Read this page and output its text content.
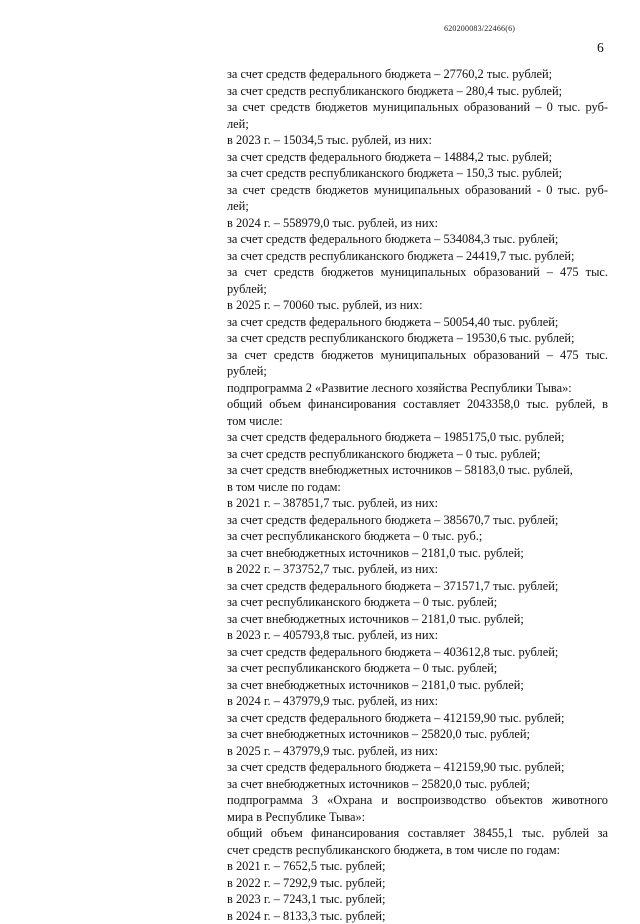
620200083/22466(6)
6
за счет средств федерального бюджета – 27760,2 тыс. рублей;
за счет средств республиканского бюджета – 280,4 тыс. рублей;
за счет средств бюджетов муниципальных образований – 0 тыс. руб-
лей;
в 2023 г. – 15034,5 тыс. рублей, из них:
за счет средств федерального бюджета – 14884,2 тыс. рублей;
за счет средств республиканского бюджета – 150,3 тыс. рублей;
за счет средств бюджетов муниципальных образований - 0 тыс. руб-
лей;
в 2024 г. – 558979,0 тыс. рублей, из них:
за счет средств федерального бюджета – 534084,3 тыс. рублей;
за счет средств республиканского бюджета – 24419,7 тыс. рублей;
за счет средств бюджетов муниципальных образований – 475 тыс.
рублей;
в 2025 г. – 70060 тыс. рублей, из них:
за счет средств федерального бюджета – 50054,40 тыс. рублей;
за счет средств республиканского бюджета – 19530,6 тыс. рублей;
за счет средств бюджетов муниципальных образований – 475 тыс.
рублей;
подпрограмма 2 «Развитие лесного хозяйства Республики Тыва»:
общий объем финансирования составляет 2043358,0 тыс. рублей, в
том числе:
за счет средств федерального бюджета – 1985175,0 тыс. рублей;
за счет средств республиканского бюджета – 0 тыс. рублей;
за счет средств внебюджетных источников – 58183,0 тыс. рублей,
в том числе по годам:
в 2021 г. – 387851,7 тыс. рублей, из них:
за счет средств федерального бюджета – 385670,7 тыс. рублей;
за счет республиканского бюджета – 0 тыс. руб.;
за счет внебюджетных источников – 2181,0 тыс. рублей;
в 2022 г. – 373752,7 тыс. рублей, из них:
за счет средств федерального бюджета – 371571,7 тыс. рублей;
за счет республиканского бюджета – 0 тыс. рублей;
за счет внебюджетных источников – 2181,0 тыс. рублей;
в 2023 г. – 405793,8 тыс. рублей, из них:
за счет средств федерального бюджета – 403612,8 тыс. рублей;
за счет республиканского бюджета – 0 тыс. рублей;
за счет внебюджетных источников – 2181,0 тыс. рублей;
в 2024 г. – 437979,9 тыс. рублей, из них:
за счет средств федерального бюджета – 412159,90 тыс. рублей;
за счет внебюджетных источников – 25820,0 тыс. рублей;
в 2025 г. – 437979,9 тыс. рублей, из них:
за счет средств федерального бюджета – 412159,90 тыс. рублей;
за счет внебюджетных источников – 25820,0 тыс. рублей;
подпрограмма 3 «Охрана и воспроизводство объектов животного
мира в Республике Тыва»:
общий объем финансирования составляет 38455,1 тыс. рублей за
счет средств республиканского бюджета, в том числе по годам:
в 2021 г. – 7652,5 тыс. рублей;
в 2022 г. – 7292,9 тыс. рублей;
в 2023 г. – 7243,1 тыс. рублей;
в 2024 г. – 8133,3 тыс. рублей;
